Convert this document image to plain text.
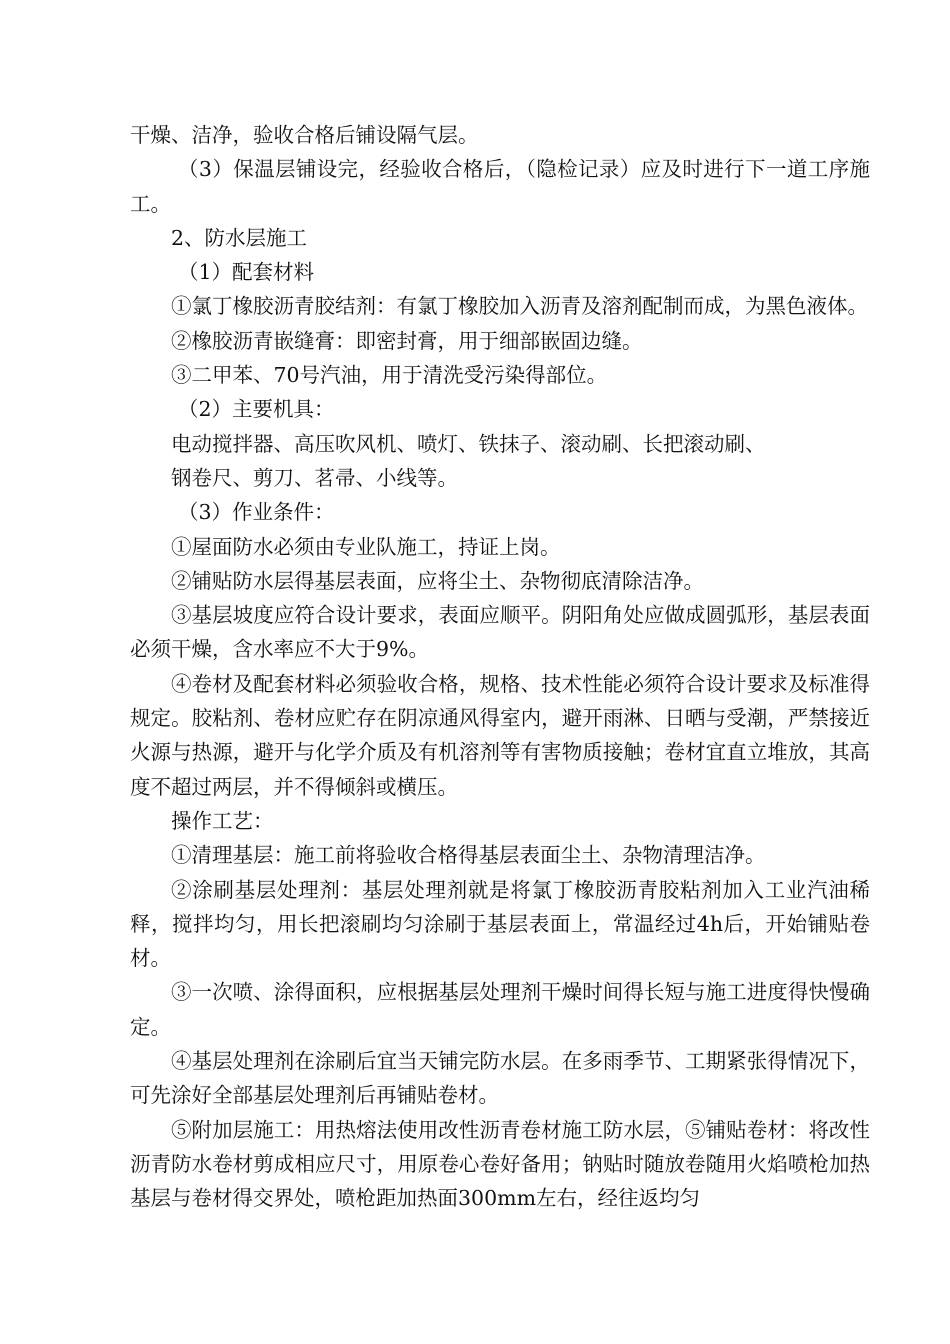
干燥、洁净，验收合格后铺设隔气层。

（3）保温层铺设完，经验收合格后，（隐检记录）应及时进行下一道工序施工。

2、防水层施工

（1）配套材料

①氯丁橡胶沥青胶结剂：有氯丁橡胶加入沥青及溶剂配制而成，为黑色液体。

②橡胶沥青嵌缝膏：即密封膏，用于细部嵌固边缝。

③二甲苯、70号汽油，用于清洗受污染得部位。

（2）主要机具：

电动搅拌器、高压吹风机、喷灯、铁抹子、滚动刷、长把滚动刷、

钢卷尺、剪刀、茗帚、小线等。

（3）作业条件：

①屋面防水必须由专业队施工，持证上岗。

②铺贴防水层得基层表面，应将尘土、杂物彻底清除洁净。

③基层坡度应符合设计要求，表面应顺平。阴阳角处应做成圆弧形，基层表面必须干燥，含水率应不大于9%。

④卷材及配套材料必须验收合格，规格、技术性能必须符合设计要求及标准得规定。胶粘剂、卷材应贮存在阴凉通风得室内，避开雨淋、日晒与受潮，严禁接近火源与热源，避开与化学介质及有机溶剂等有害物质接触；卷材宜直立堆放，其高度不超过两层，并不得倾斜或横压。

操作工艺：

①清理基层：施工前将验收合格得基层表面尘土、杂物清理洁净。

②涂刷基层处理剂：基层处理剂就是将氯丁橡胶沥青胶粘剂加入工业汽油稀释，搅拌均匀，用长把滚刷均匀涂刷于基层表面上，常温经过4h后，开始铺贴卷材。

③一次喷、涂得面积，应根据基层处理剂干燥时间得长短与施工进度得快慢确定。

④基层处理剂在涂刷后宜当天铺完防水层。在多雨季节、工期紧张得情况下，可先涂好全部基层处理剂后再铺贴卷材。

⑤附加层施工：用热熔法使用改性沥青卷材施工防水层，⑤铺贴卷材：将改性沥青防水卷材剪成相应尺寸，用原卷心卷好备用；钠贴时随放卷随用火焰喷枪加热基层与卷材得交界处，喷枪距加热面300mm左右，经往返均匀
